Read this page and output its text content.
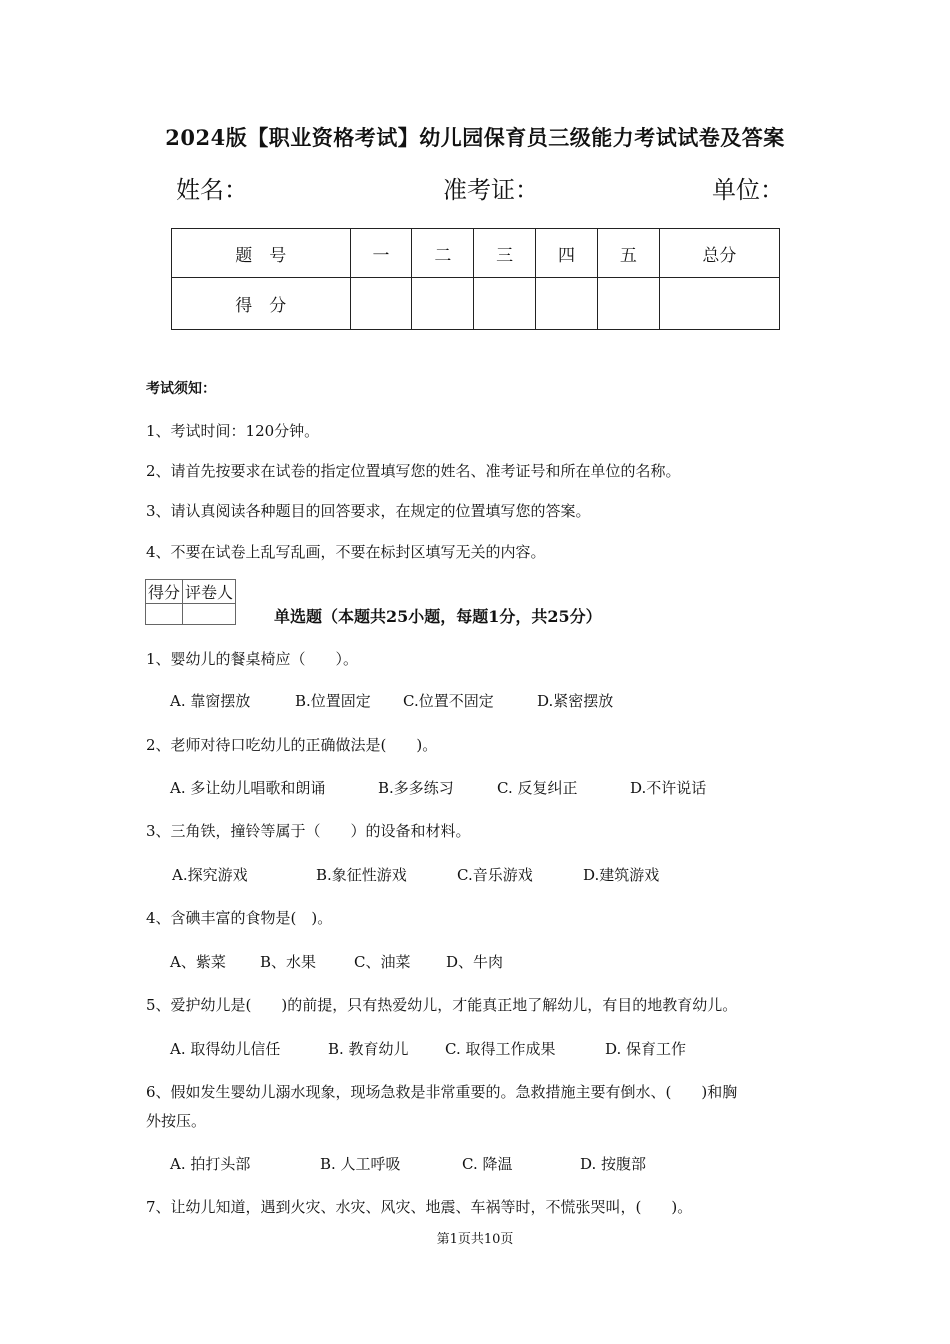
2024版【职业资格考试】幼儿园保育员三级能力考试试卷及答案
姓名：	准考证：	单位：
题　号	一	二	三	四	五	总分
得　分						
考试须知：
1、考试时间：120分钟。
2、请首先按要求在试卷的指定位置填写您的姓名、准考证号和所在单位的名称。
3、请认真阅读各种题目的回答要求，在规定的位置填写您的答案。
4、不要在试卷上乱写乱画，不要在标封区填写无关的内容。
得分	评卷人

单选题（本题共25小题，每题1分，共25分）
1、婴幼儿的餐桌椅应（　　）。
A. 靠窗摆放	B.位置固定 C.位置不固定	D.紧密摆放
2、老师对待口吃幼儿的正确做法是(　　)。
A. 多让幼儿唱歌和朗诵	B.多多练习	C. 反复纠正	D.不许说话
3、三角铁，撞铃等属于（　　）的设备和材料。
A.探究游戏	B.象征性游戏	C.音乐游戏	D.建筑游戏
4、含碘丰富的食物是(　)。
A、紫菜 B、水果	C、油菜 D、牛肉
5、爱护幼儿是(　　)的前提，只有热爱幼儿，才能真正地了解幼儿，有目的地教育幼儿。
A. 取得幼儿信任	B. 教育幼儿 C. 取得工作成果	D. 保育工作
6、假如发生婴幼儿溺水现象，现场急救是非常重要的。急救措施主要有倒水、(　　)和胸
外按压。
A. 拍打头部	B. 人工呼吸	C. 降温	D. 按腹部
7、让幼儿知道，遇到火灾、水灾、风灾、地震、车祸等时，不慌张哭叫，(　　)。
第1页共10页
